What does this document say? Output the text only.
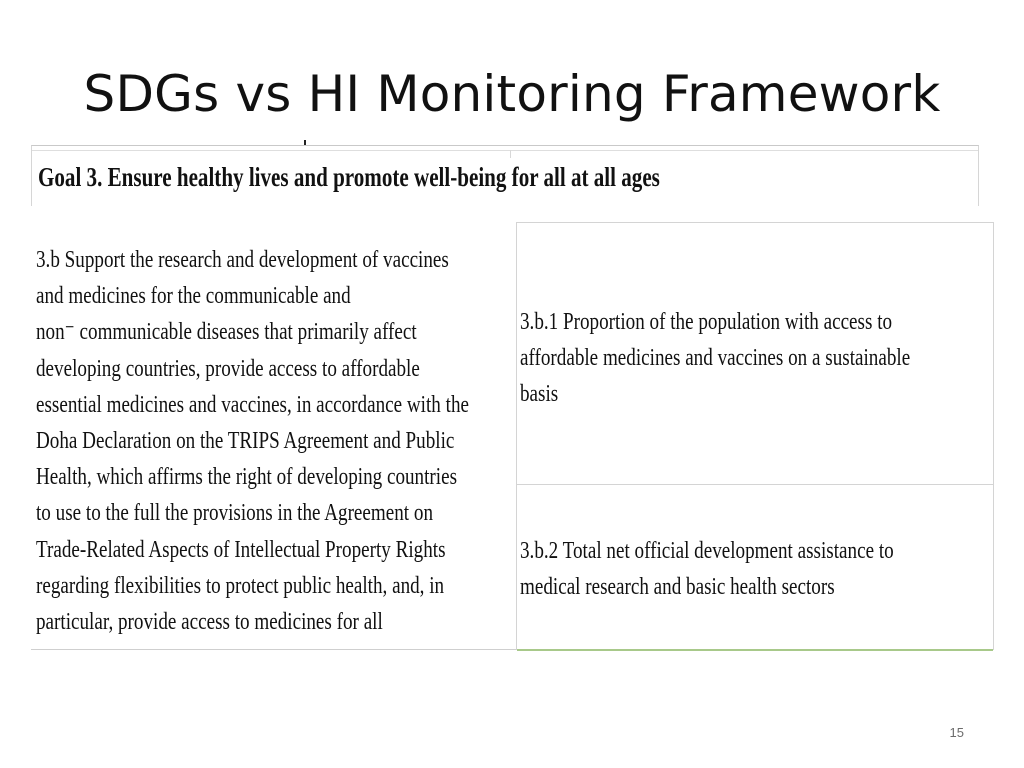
SDGs vs HI Monitoring Framework
Goal 3. Ensure healthy lives and promote well-being for all at all ages
3.b Support the research and development of vaccines
and medicines for the communicable and
non⁻ communicable diseases that primarily affect
developing countries, provide access to affordable
essential medicines and vaccines, in accordance with the
Doha Declaration on the TRIPS Agreement and Public
Health, which affirms the right of developing countries
to use to the full the provisions in the Agreement on
Trade-Related Aspects of Intellectual Property Rights
regarding flexibilities to protect public health, and, in
particular, provide access to medicines for all
3.b.1 Proportion of the population with access to
affordable medicines and vaccines on a sustainable
basis
3.b.2 Total net official development assistance to
medical research and basic health sectors
15
